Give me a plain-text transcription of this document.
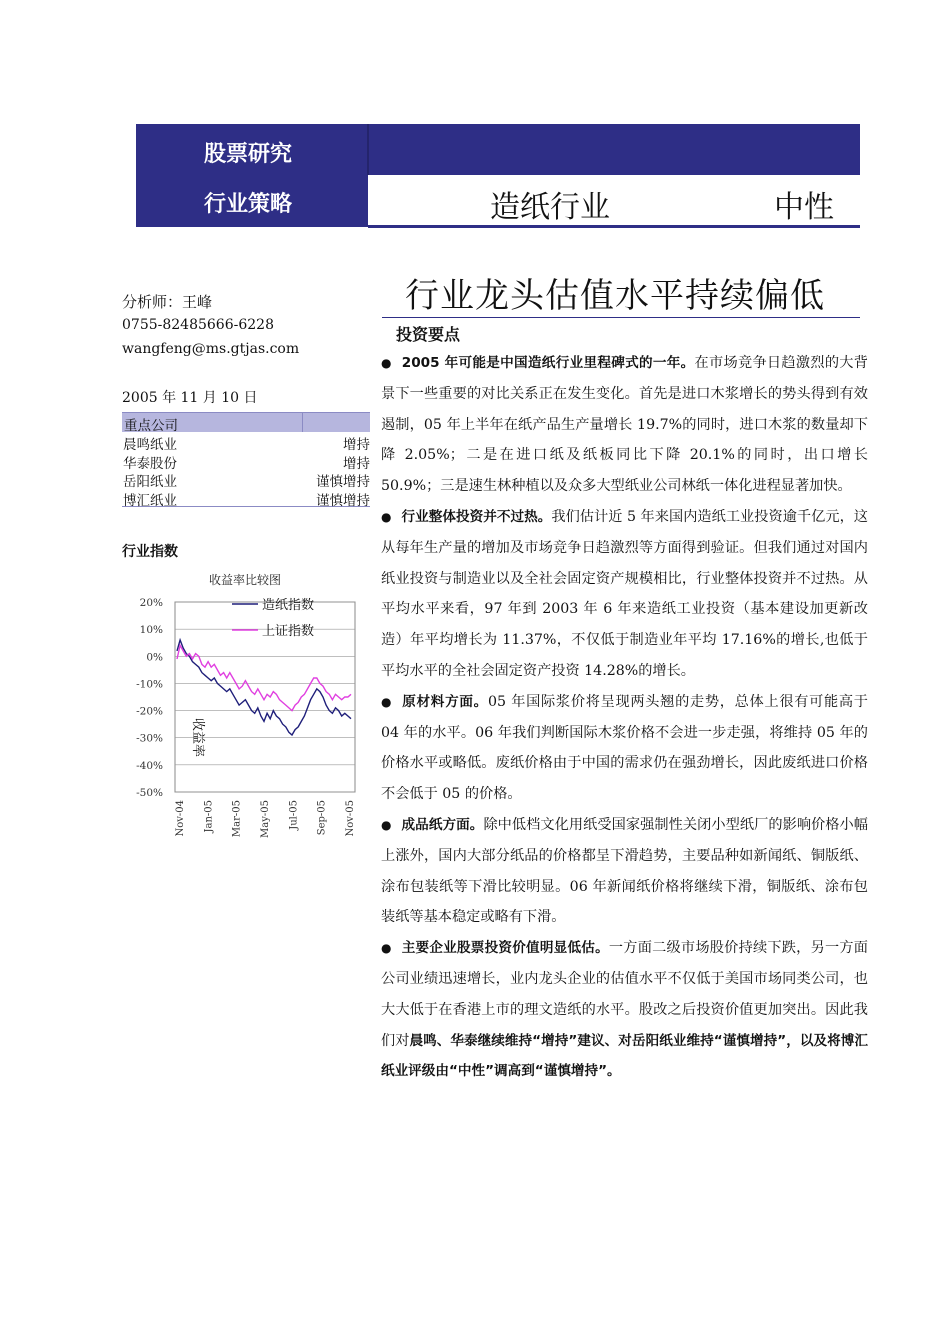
股票研究
行业策略	造纸行业	中性
分析师：王峰
0755-82485666-6228
wangfeng@ms.gtjas.com
2005 年 11 月 10 日
重点公司
晨鸣纸业	增持
华泰股份	增持
岳阳纸业	谨慎增持
博汇纸业	谨慎增持
行业指数
收益率比较图
20%
10%
0%
-10%
-20%
-30%
-40%
-50%
Nov-04 Jan-05 Mar-05 May-05 Jul-05 Sep-05 Nov-05
造纸指数
上证指数
收益率
行业龙头估值水平持续偏低
投资要点

● 2005 年可能是中国造纸行业里程碑式的一年。在市场竞争日趋激烈的大背景下一些重要的对比关系正在发生变化。首先是进口木浆增长的势头得到有效遏制，05 年上半年在纸产品生产量增长 19.7%的同时，进口木浆的数量却下降 2.05%；二是在进口纸及纸板同比下降 20.1%的同时，出口增长 50.9%；三是速生林种植以及众多大型纸业公司林纸一体化进程显著加快。

● 行业整体投资并不过热。我们估计近 5 年来国内造纸工业投资逾千亿元，这从每年生产量的增加及市场竞争日趋激烈等方面得到验证。但我们通过对国内纸业投资与制造业以及全社会固定资产规模相比，行业整体投资并不过热。从平均水平来看，97 年到 2003 年 6 年来造纸工业投资（基本建设加更新改造）年平均增长为 11.37%，不仅低于制造业年平均 17.16%的增长,也低于平均水平的全社会固定资产投资 14.28%的增长。

● 原材料方面。05 年国际浆价将呈现两头翘的走势，总体上很有可能高于 04 年的水平。06 年我们判断国际木浆价格不会进一步走强，将维持 05 年的价格水平或略低。废纸价格由于中国的需求仍在强劲增长，因此废纸进口价格不会低于 05 的价格。

● 成品纸方面。除中低档文化用纸受国家强制性关闭小型纸厂的影响价格小幅上涨外，国内大部分纸品的价格都呈下滑趋势，主要品种如新闻纸、铜版纸、涂布包装纸等下滑比较明显。06 年新闻纸价格将继续下滑，铜版纸、涂布包装纸等基本稳定或略有下滑。

● 主要企业股票投资价值明显低估。一方面二级市场股价持续下跌，另一方面公司业绩迅速增长，业内龙头企业的估值水平不仅低于美国市场同类公司，也大大低于在香港上市的理文造纸的水平。股改之后投资价值更加突出。因此我们对晨鸣、华泰继续维持“增持”建议、对岳阳纸业维持“谨慎增持”，以及将博汇纸业评级由“中性”调高到“谨慎增持”。
